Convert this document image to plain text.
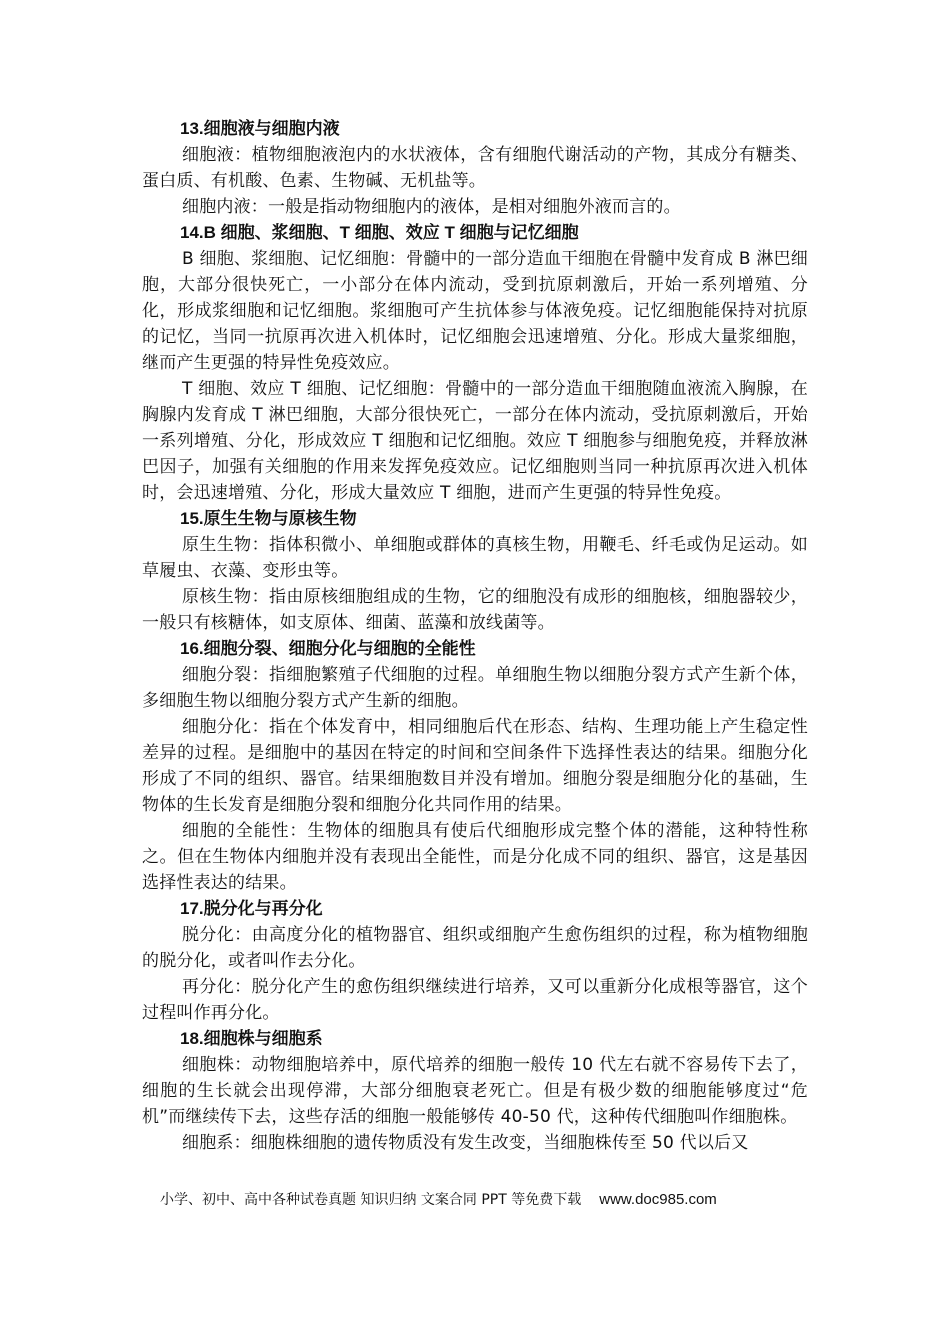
13.细胞液与细胞内液

细胞液：植物细胞液泡内的水状液体，含有细胞代谢活动的产物，其成分有糖类、蛋白质、有机酸、色素、生物碱、无机盐等。

细胞内液：一般是指动物细胞内的液体，是相对细胞外液而言的。

14.B 细胞、浆细胞、T 细胞、效应 T 细胞与记忆细胞

B 细胞、浆细胞、记忆细胞：骨髓中的一部分造血干细胞在骨髓中发育成 B 淋巴细胞，大部分很快死亡，一小部分在体内流动，受到抗原刺激后，开始一系列增殖、分化，形成浆细胞和记忆细胞。浆细胞可产生抗体参与体液免疫。记忆细胞能保持对抗原的记忆，当同一抗原再次进入机体时，记忆细胞会迅速增殖、分化。形成大量浆细胞，继而产生更强的特异性免疫效应。

T 细胞、效应 T 细胞、记忆细胞：骨髓中的一部分造血干细胞随血液流入胸腺，在胸腺内发育成 T 淋巴细胞，大部分很快死亡，一部分在体内流动，受抗原刺激后，开始一系列增殖、分化，形成效应 T 细胞和记忆细胞。效应 T 细胞参与细胞免疫，并释放淋巴因子，加强有关细胞的作用来发挥免疫效应。记忆细胞则当同一种抗原再次进入机体时，会迅速增殖、分化，形成大量效应 T 细胞，进而产生更强的特异性免疫。

15.原生生物与原核生物

原生生物：指体积微小、单细胞或群体的真核生物，用鞭毛、纤毛或伪足运动。如草履虫、衣藻、变形虫等。

原核生物：指由原核细胞组成的生物，它的细胞没有成形的细胞核，细胞器较少，一般只有核糖体，如支原体、细菌、蓝藻和放线菌等。

16.细胞分裂、细胞分化与细胞的全能性

细胞分裂：指细胞繁殖子代细胞的过程。单细胞生物以细胞分裂方式产生新个体，多细胞生物以细胞分裂方式产生新的细胞。

细胞分化：指在个体发育中，相同细胞后代在形态、结构、生理功能上产生稳定性差异的过程。是细胞中的基因在特定的时间和空间条件下选择性表达的结果。细胞分化形成了不同的组织、器官。结果细胞数目并没有增加。细胞分裂是细胞分化的基础，生物体的生长发育是细胞分裂和细胞分化共同作用的结果。

细胞的全能性：生物体的细胞具有使后代细胞形成完整个体的潜能，这种特性称之。但在生物体内细胞并没有表现出全能性，而是分化成不同的组织、器官，这是基因选择性表达的结果。

17.脱分化与再分化

脱分化：由高度分化的植物器官、组织或细胞产生愈伤组织的过程，称为植物细胞的脱分化，或者叫作去分化。

再分化：脱分化产生的愈伤组织继续进行培养，又可以重新分化成根等器官，这个过程叫作再分化。

18.细胞株与细胞系

细胞株：动物细胞培养中，原代培养的细胞一般传 10 代左右就不容易传下去了，细胞的生长就会出现停滞，大部分细胞衰老死亡。但是有极少数的细胞能够度过“危机”而继续传下去，这些存活的细胞一般能够传 40-50 代，这种传代细胞叫作细胞株。

细胞系：细胞株细胞的遗传物质没有发生改变，当细胞株传至 50 代以后又

小学、初中、高中各种试卷真题 知识归纳 文案合同 PPT 等免费下载 www.doc985.com
